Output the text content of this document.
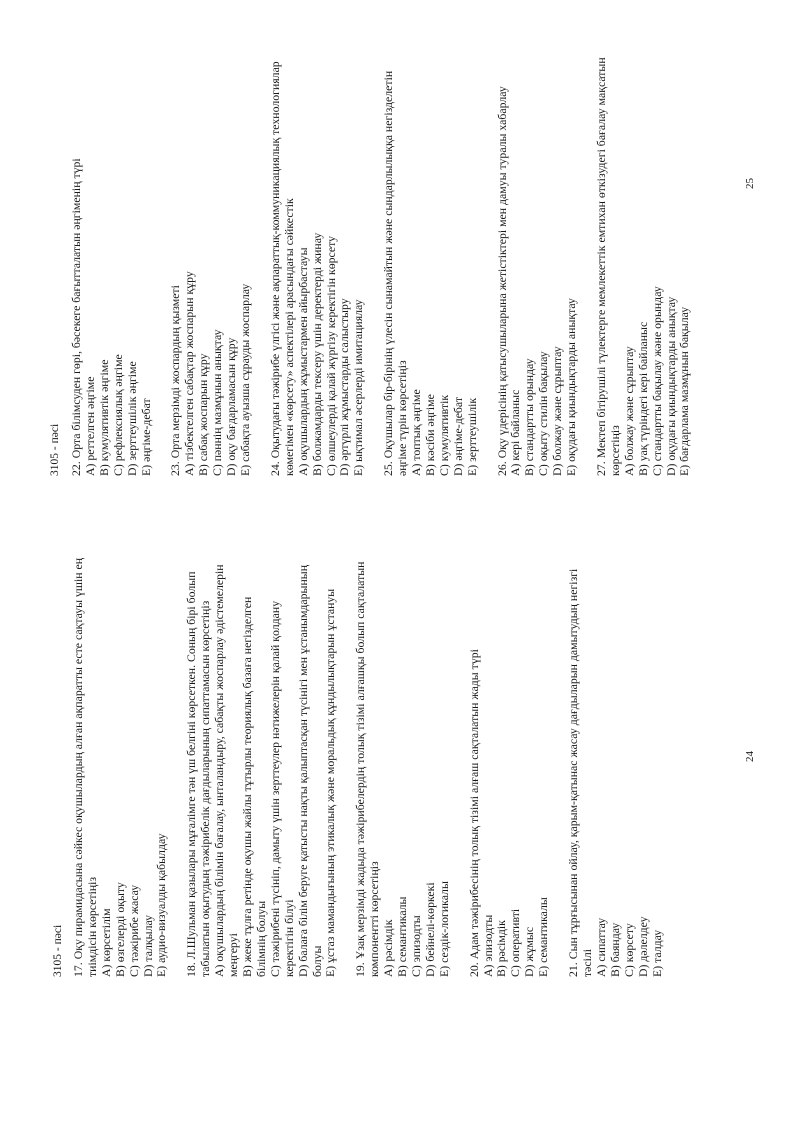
3105 - пәсі 17. Оқу пирамидасына сәйкес оқушылардың алған ақпаратты есте сақтауы үшін ең тиімдісін көрсетіңіз А) көрсетілім В) өзгелерді оқыту С) тәжірибе жасау D) талқылау Е) аудио-визуалды қабылдау 18. Л.Шульман қазылары мұғалімге тән үш белгіні көрсеткен. Соның бірі болып табылатын оқытудың тәжірибелік дағдыларының сипаттамасын көрсетіңіз А) оқушылардың білімін бағалау, ынталандыру, сабақты жоспарлау әдістемелерін меңгеруі В) жеке тұлға ретінде оқушы жайлы тұтырлы теориялық базаға негізделген білімнің болуы С) тәжірибені түсініп, дамыту үшін зерттеулер нәтижелерін қалай қолдану керектігін білуі D) балаға білім беруге қатысты нақты қалыптасқан түсінігі мен ұстанымдарының болуы Е) ұстаз мамандығының этикалық және моральдық құндылықтарын ұстануы 19. Ұзақ мерзімді жадыда тәжірибелердің толық тізімі алғашқы болып сақталатын компонентті көрсетіңіз А) рәсімдік В) семантикалы С) эпизодты D) бейнелі-көркекі Е) сездік-логикалы 20. Адам тәжірибесінің толық тізімі алғаш сақталатын жады түрі А) эпизодты В) рәсімдік С) оперативті D) жұмыс Е) семантикалы 21. Сын тұрғысынан ойлау, қарым-қатынас жасау дағдыларын дамытудың негізгі тәсілі А) сипаттау В) баяндау С) көрсету D) дәлелдеу Е) талдау
24
3105 - пәсі 22. Орта білімсуден гөрі, бәсекеге бағытталатын әңгіменің түрі А) реттелген әңгіме В) кумулятивтік әңгіме С) рефлексиялық әңгіме D) зерттеушілік әңгіме Е) әңгіме-дебат 23. Орта мерзімді жоспардың қызметі А) тізбектелген сабақтар жоспарын құру В) сабақ жоспарын құру С) пәннің мазмұнын анықтау D) оқу бағдарламасын құру Е) сабақта ауызша сұрауды жоспарлау 24. Оқытудағы тәжірибе үлгісі және ақпараттық-коммуникациялық технологиялар көмегімен «көрсету» аспектілері арасындағы сәйкестік А) оқушылардың жұмыстармен айырбастауы В) болжамдарды тексеру үшін деректерді жинау С) өлшеулерді қалай жүргізу керектігін көрсету D) әртүрлі жұмыстарды салыстыру Е) ықтимал әсерлерді имитациялау 25. Оқушылар бір-бірінің үлесін сынамайтын және сындарлылыққа негізделетін әңгіме түрін көрсетіңіз А) топтық әңгіме В) кәсіби әңгіме С) кумулятивтік D) әңгіме-дебат Е) зерттеушілік 26. Оқу үдерісінің қатысушыларына жетістіктері мен дамуы туралы хабарлау А) кері байланыс В) стандартты орындау С) оқыту стилін бақылау D) болжау және сұрыптау Е) оқудағы қиындықтарды анықтау 27. Мектеп бітірушілі түлектерге мемлекеттік емтихан өткізудегі бағалау мақсатын көрсетіңіз А) болжау және сұрыптау В) уақ түріндегі кері байланыс С) стандартты бақылау және орындау D) оқудағы қиындықтарды анықтау Е) бағдарлама мазмұнын бақылау
25
